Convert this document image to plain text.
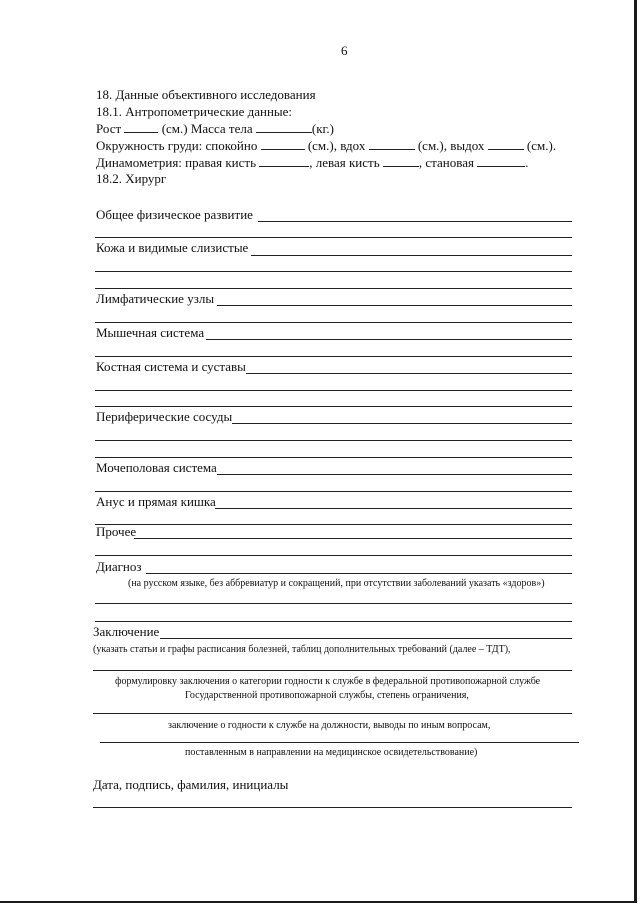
6
18. Данные объективного исследования
18.1. Антропометрические данные:
Рост	(см.) Масса тела	(кг.)
Окружность груди: спокойно	(см.), вдох	(см.), выдох	(см.).
Динамометрия: правая кисть	, левая кисть	, становая	.
18.2. Хирург
Общее физическое развитие
Кожа и видимые слизистые
Лимфатические узлы
Мышечная система
Костная система и суставы
Периферические сосуды
Мочеполовая система
Анус и прямая кишка
Прочее
Диагноз
(на русском языке, без аббревиатур и сокращений, при отсутствии заболеваний указать «здоров»)
Заключение
(указать статьи и графы расписания болезней, таблиц дополнительных требований (далее – ТДТ),
формулировку заключения о категории годности к службе в федеральной противопожарной службе
Государственной противопожарной службы, степень ограничения,
заключение о годности к службе на должности, выводы по иным вопросам,
поставленным в направлении на медицинское освидетельствование)
Дата, подпись, фамилия, инициалы
